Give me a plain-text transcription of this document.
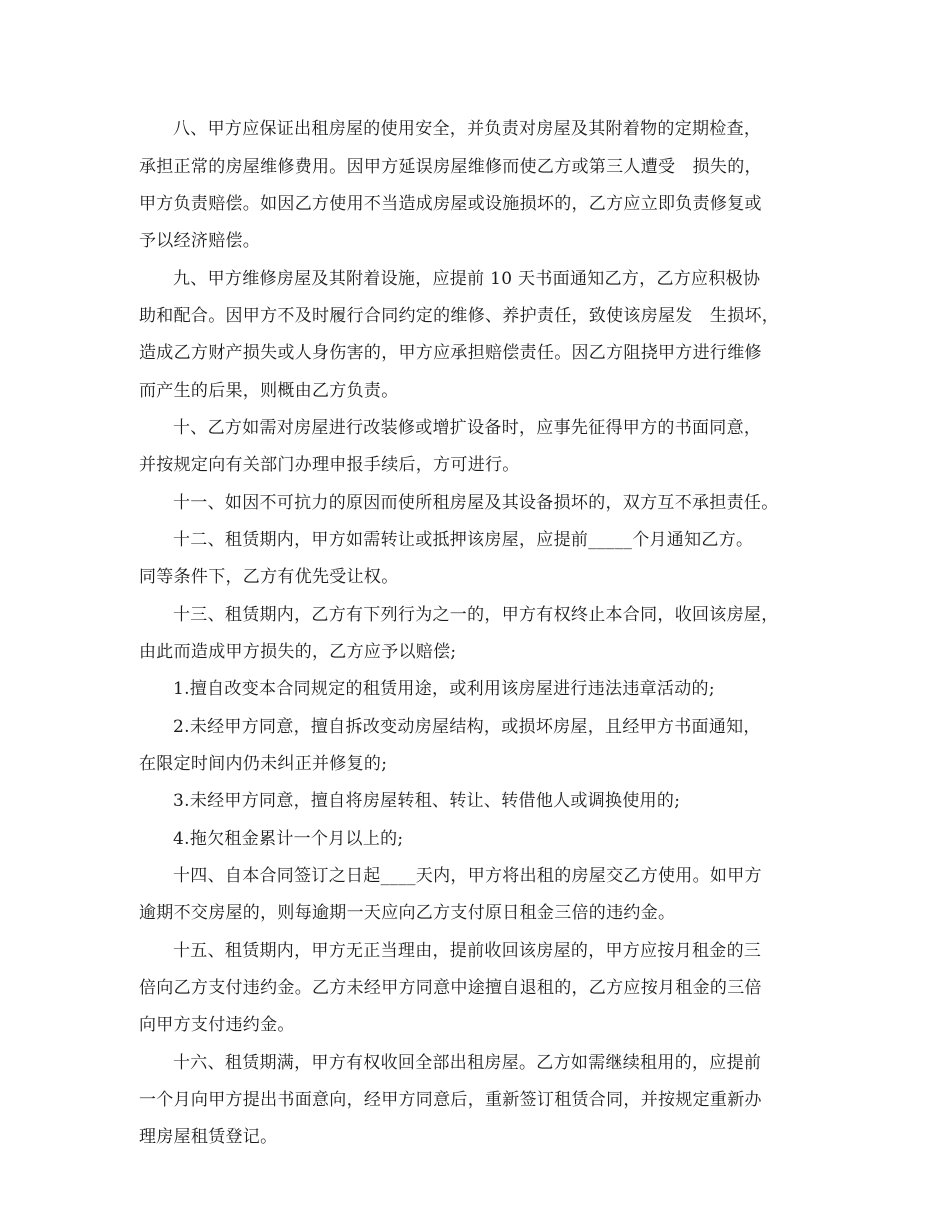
八、甲方应保证出租房屋的使用安全，并负责对房屋及其附着物的定期检查，
承担正常的房屋维修费用。因甲方延误房屋维修而使乙方或第三人遭受　损失的，
甲方负责赔偿。如因乙方使用不当造成房屋或设施损坏的，乙方应立即负责修复或
予以经济赔偿。
九、甲方维修房屋及其附着设施，应提前 10 天书面通知乙方，乙方应积极协
助和配合。因甲方不及时履行合同约定的维修、养护责任，致使该房屋发　生损坏，
造成乙方财产损失或人身伤害的，甲方应承担赔偿责任。因乙方阻挠甲方进行维修
而产生的后果，则概由乙方负责。
十、乙方如需对房屋进行改装修或增扩设备时，应事先征得甲方的书面同意，
并按规定向有关部门办理申报手续后，方可进行。
十一、如因不可抗力的原因而使所租房屋及其设备损坏的，双方互不承担责任。
十二、租赁期内，甲方如需转让或抵押该房屋，应提前_____个月通知乙方。
同等条件下，乙方有优先受让权。
十三、租赁期内，乙方有下列行为之一的，甲方有权终止本合同，收回该房屋，
由此而造成甲方损失的，乙方应予以赔偿;
1.擅自改变本合同规定的租赁用途，或利用该房屋进行违法违章活动的;
2.未经甲方同意，擅自拆改变动房屋结构，或损坏房屋，且经甲方书面通知，
在限定时间内仍未纠正并修复的;
3.未经甲方同意，擅自将房屋转租、转让、转借他人或调换使用的;
4.拖欠租金累计一个月以上的;
十四、自本合同签订之日起____天内，甲方将出租的房屋交乙方使用。如甲方
逾期不交房屋的，则每逾期一天应向乙方支付原日租金三倍的违约金。
十五、租赁期内，甲方无正当理由，提前收回该房屋的，甲方应按月租金的三
倍向乙方支付违约金。乙方未经甲方同意中途擅自退租的，乙方应按月租金的三倍
向甲方支付违约金。
十六、租赁期满，甲方有权收回全部出租房屋。乙方如需继续租用的，应提前
一个月向甲方提出书面意向，经甲方同意后，重新签订租赁合同，并按规定重新办
理房屋租赁登记。
